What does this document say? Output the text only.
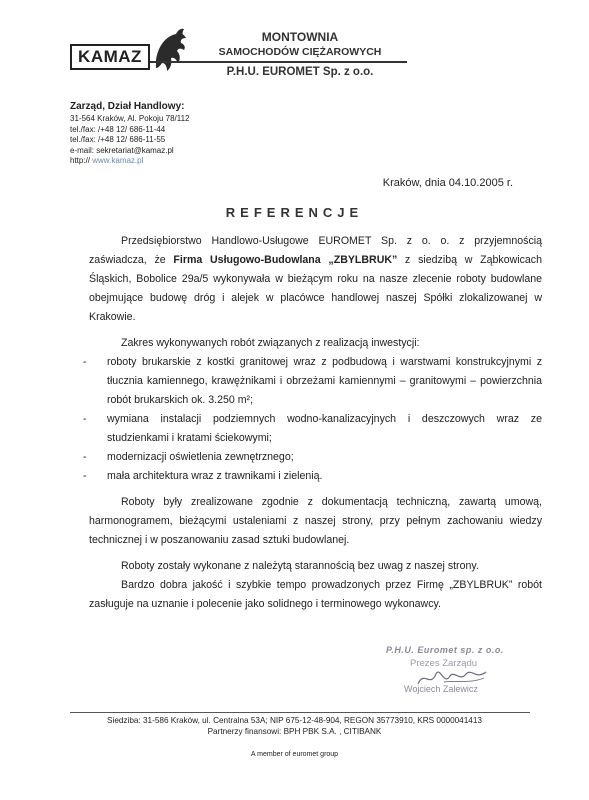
KAMAZ
MONTOWNIA
SAMOCHODÓW CIĘŻAROWYCH
P.H.U. EUROMET Sp. z o.o.
Zarząd, Dział Handlowy:
31-564 Kraków, Al. Pokoju 78/112
tel./fax: /+48 12/ 686-11-44
tel./fax: /+48 12/ 686-11-55
e-mail: sekretariat@kamaz.pl
http:// www.kamaz.pl
Kraków, dnia 04.10.2005 r.
REFERENCJE

Przedsiębiorstwo Handlowo-Usługowe EUROMET Sp. z o. o. z przyjemnością zaświadcza, że Firma Usługowo-Budowlana „ZBYLBRUK” z siedzibą w Ząbkowicach Śląskich, Bobolice 29a/5 wykonywała w bieżącym roku na nasze zlecenie roboty budowlane obejmujące budowę dróg i alejek w placówce handlowej naszej Spółki zlokalizowanej w Krakowie.

Zakres wykonywanych robót związanych z realizacją inwestycji:

- roboty brukarskie z kostki granitowej wraz z podbudową i warstwami konstrukcyjnymi z tłucznia kamiennego, krawężnikami i obrzeżami kamiennymi – granitowymi – powierzchnia robót brukarskich ok. 3.250 m²;
- wymiana instalacji podziemnych wodno-kanalizacyjnych i deszczowych wraz ze studzienkami i kratami ściekowymi;
- modernizacji oświetlenia zewnętrznego;
- mała architektura wraz z trawnikami i zielenią.

Roboty były zrealizowane zgodnie z dokumentacją techniczną, zawartą umową, harmonogramem, bieżącymi ustaleniami z naszej strony, przy pełnym zachowaniu wiedzy technicznej i w poszanowaniu zasad sztuki budowlanej.

Roboty zostały wykonane z należytą starannością bez uwag z naszej strony.

Bardzo dobra jakość i szybkie tempo prowadzonych przez Firmę „ZBYLBRUK” robót zasługuje na uznanie i polecenie jako solidnego i terminowego wykonawcy.

P.H.U. Euromet sp. z o.o.
Prezes Zarządu
Wojciech Zalewicz
Siedziba: 31-586 Kraków, ul. Centralna 53A; NIP 675-12-48-904, REGON 35773910, KRS 0000041413
Partnerzy finansowi: BPH PBK S.A. , CITIBANK
A member of euromet group
